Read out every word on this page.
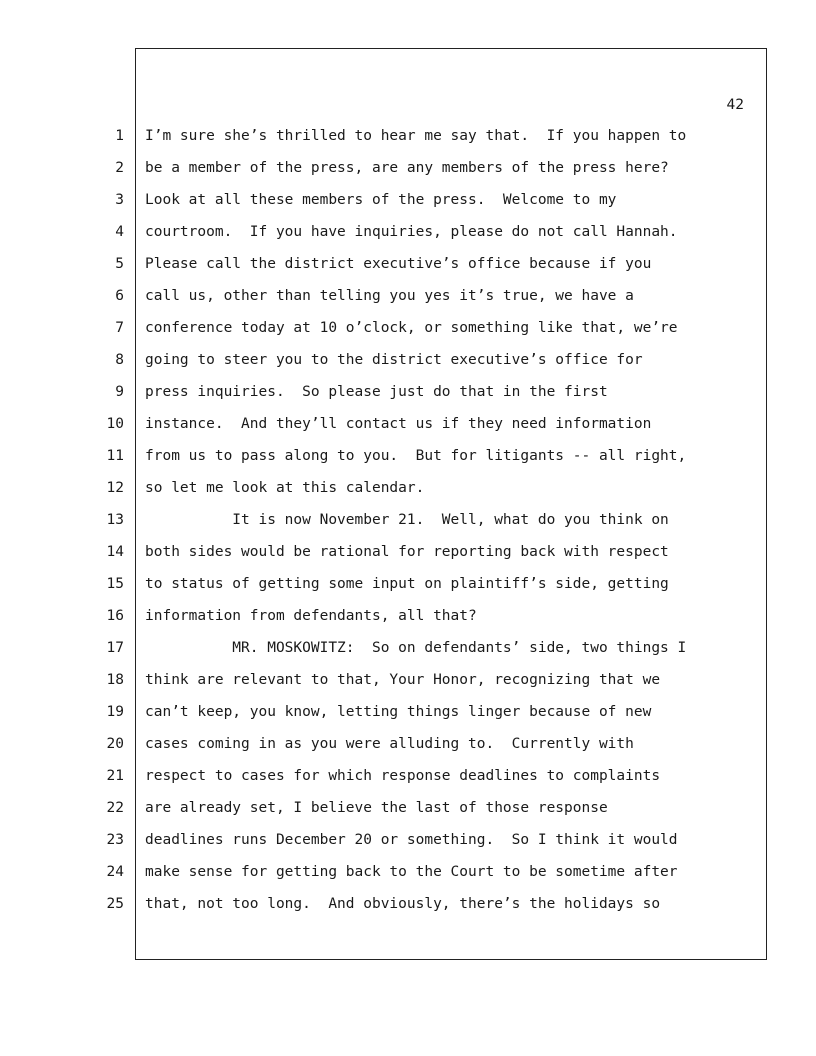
42
1 I’m sure she’s thrilled to hear me say that.  If you happen to
2 be a member of the press, are any members of the press here?
3 Look at all these members of the press.  Welcome to my
4 courtroom.  If you have inquiries, please do not call Hannah.
5 Please call the district executive’s office because if you
6 call us, other than telling you yes it’s true, we have a
7 conference today at 10 o’clock, or something like that, we’re
8 going to steer you to the district executive’s office for
9 press inquiries.  So please just do that in the first
10 instance.  And they’ll contact us if they need information
11 from us to pass along to you.  But for litigants -- all right,
12 so let me look at this calendar.
13 It is now November 21.  Well, what do you think on
14 both sides would be rational for reporting back with respect
15 to status of getting some input on plaintiff’s side, getting
16 information from defendants, all that?
17 MR. MOSKOWITZ:  So on defendants’ side, two things I
18 think are relevant to that, Your Honor, recognizing that we
19 can’t keep, you know, letting things linger because of new
20 cases coming in as you were alluding to.  Currently with
21 respect to cases for which response deadlines to complaints
22 are already set, I believe the last of those response
23 deadlines runs December 20 or something.  So I think it would
24 make sense for getting back to the Court to be sometime after
25 that, not too long.  And obviously, there’s the holidays so
